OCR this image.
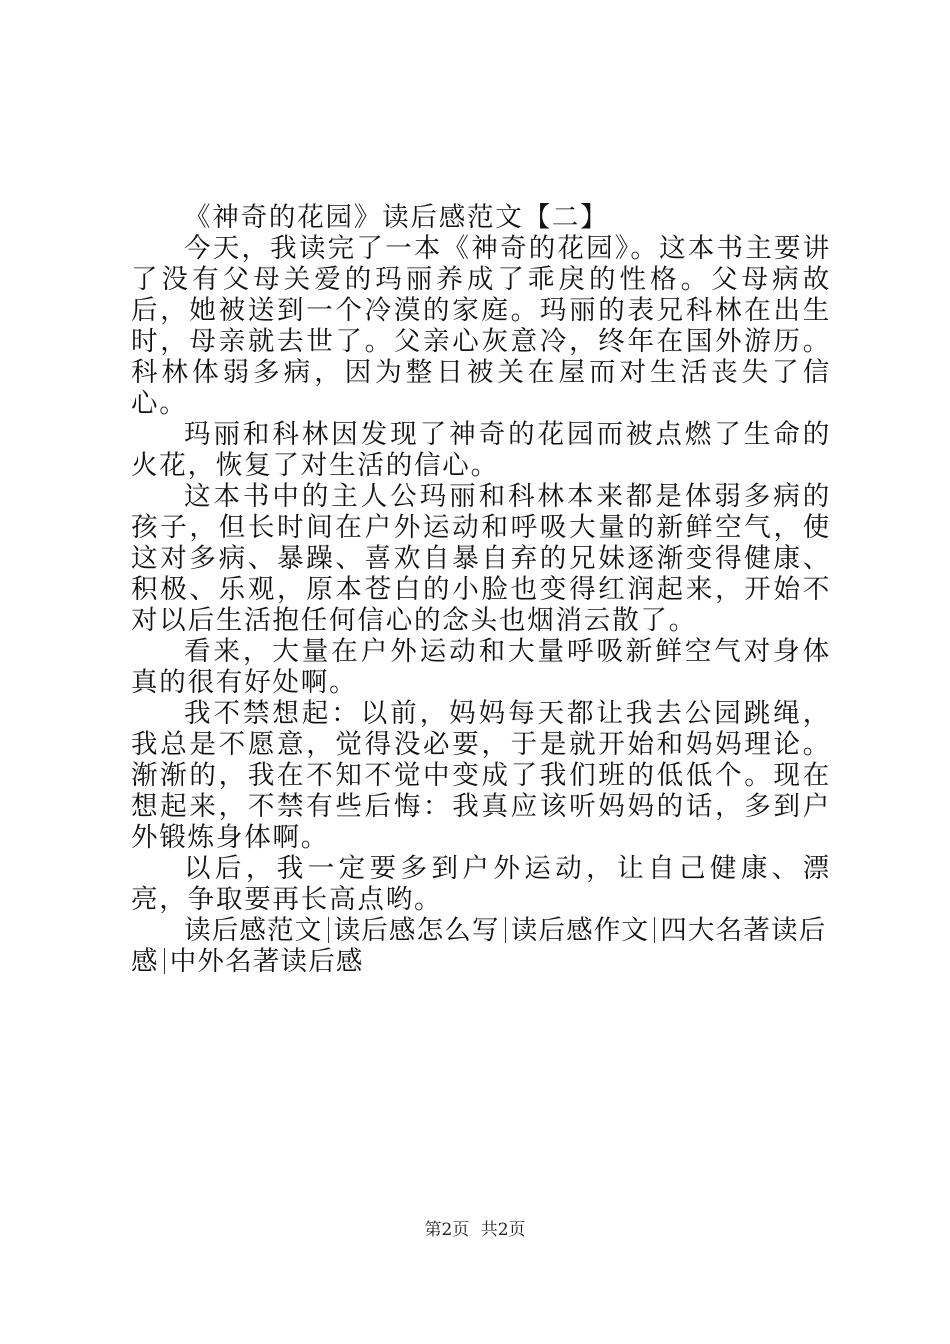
《神奇的花园》读后感范文【二】

今天，我读完了一本《神奇的花园》。这本书主要讲了没有父母关爱的玛丽养成了乖戾的性格。父母病故后，她被送到一个冷漠的家庭。玛丽的表兄科林在出生时，母亲就去世了。父亲心灰意冷，终年在国外游历。科林体弱多病，因为整日被关在屋而对生活丧失了信心。

玛丽和科林因发现了神奇的花园而被点燃了生命的火花，恢复了对生活的信心。

这本书中的主人公玛丽和科林本来都是体弱多病的孩子，但长时间在户外运动和呼吸大量的新鲜空气，使这对多病、暴躁、喜欢自暴自弃的兄妹逐渐变得健康、积极、乐观，原本苍白的小脸也变得红润起来，开始不对以后生活抱任何信心的念头也烟消云散了。

看来，大量在户外运动和大量呼吸新鲜空气对身体真的很有好处啊。

我不禁想起：以前，妈妈每天都让我去公园跳绳，我总是不愿意，觉得没必要，于是就开始和妈妈理论。渐渐的，我在不知不觉中变成了我们班的低低个。现在想起来，不禁有些后悔：我真应该听妈妈的话，多到户外锻炼身体啊。

以后，我一定要多到户外运动，让自己健康、漂亮，争取要再长高点哟。

读后感范文 读后感怎么写 读后感作文 四大名著读后感 中外名著读后感

第2页 共2页
